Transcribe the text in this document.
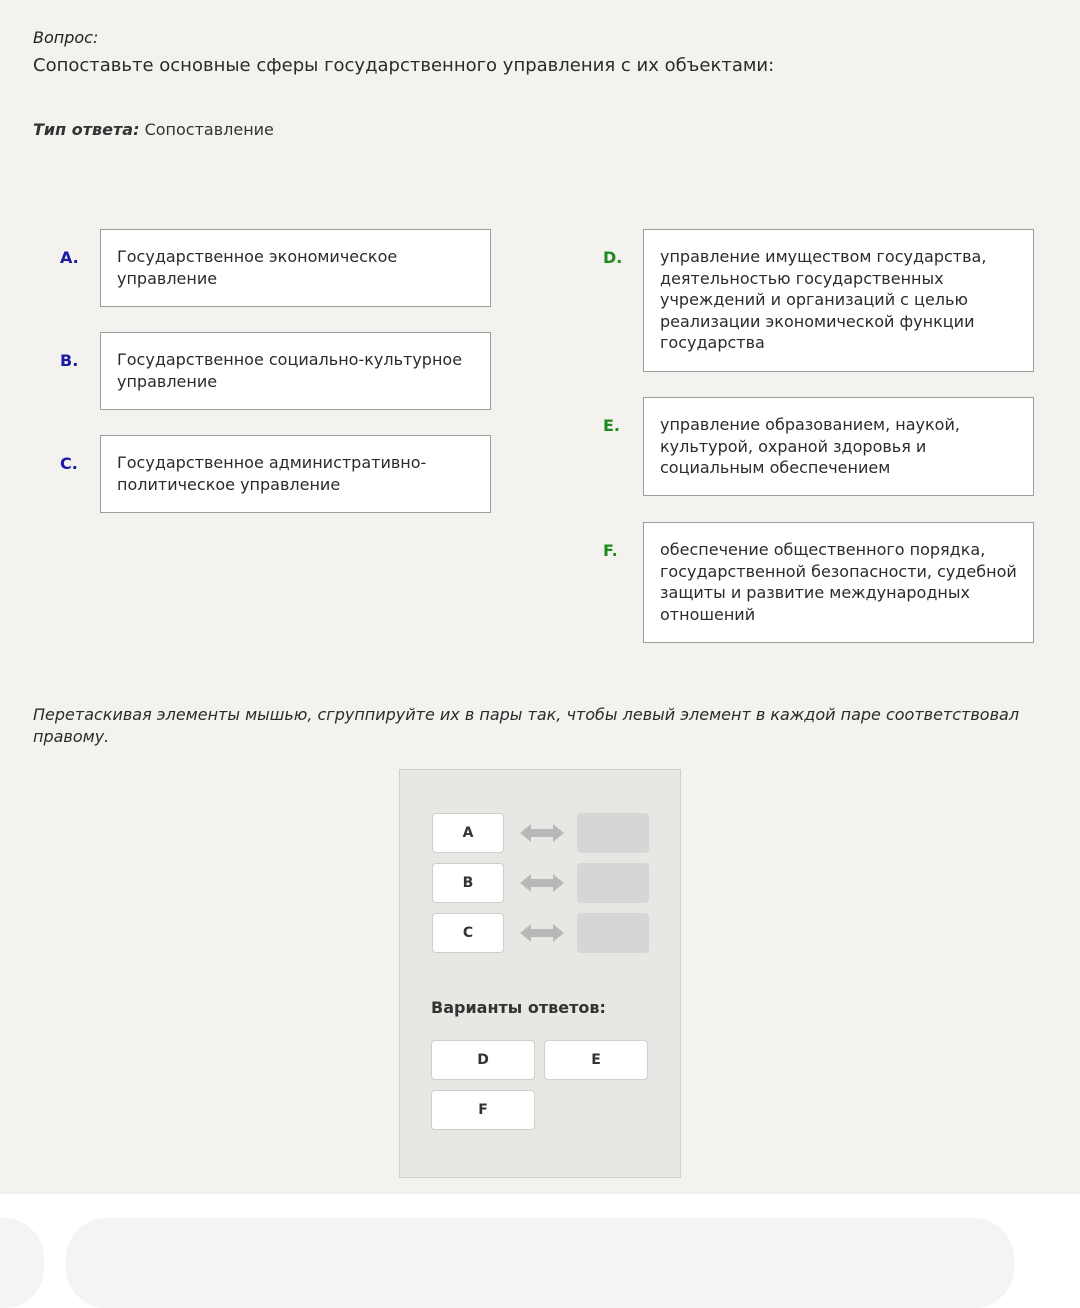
Вопрос:
Сопоставьте основные сферы государственного управления с их объектами:
Тип ответа: Сопоставление
A.	Государственное экономическое управление
B.	Государственное социально-культурное управление
C.	Государственное административно-политическое управление
D.	управление имуществом государства, деятельностью государственных учреждений и организаций с целью реализации экономической функции государства
E.	управление образованием, наукой, культурой, охраной здоровья и социальным обеспечением
F.	обеспечение общественного порядка, государственной безопасности, судебной защиты и развитие международных отношений
Перетаскивая элементы мышью, сгруппируйте их в пары так, чтобы левый элемент в каждой паре соответствовал правому.
A
B
C
Варианты ответов:
D	E
F
